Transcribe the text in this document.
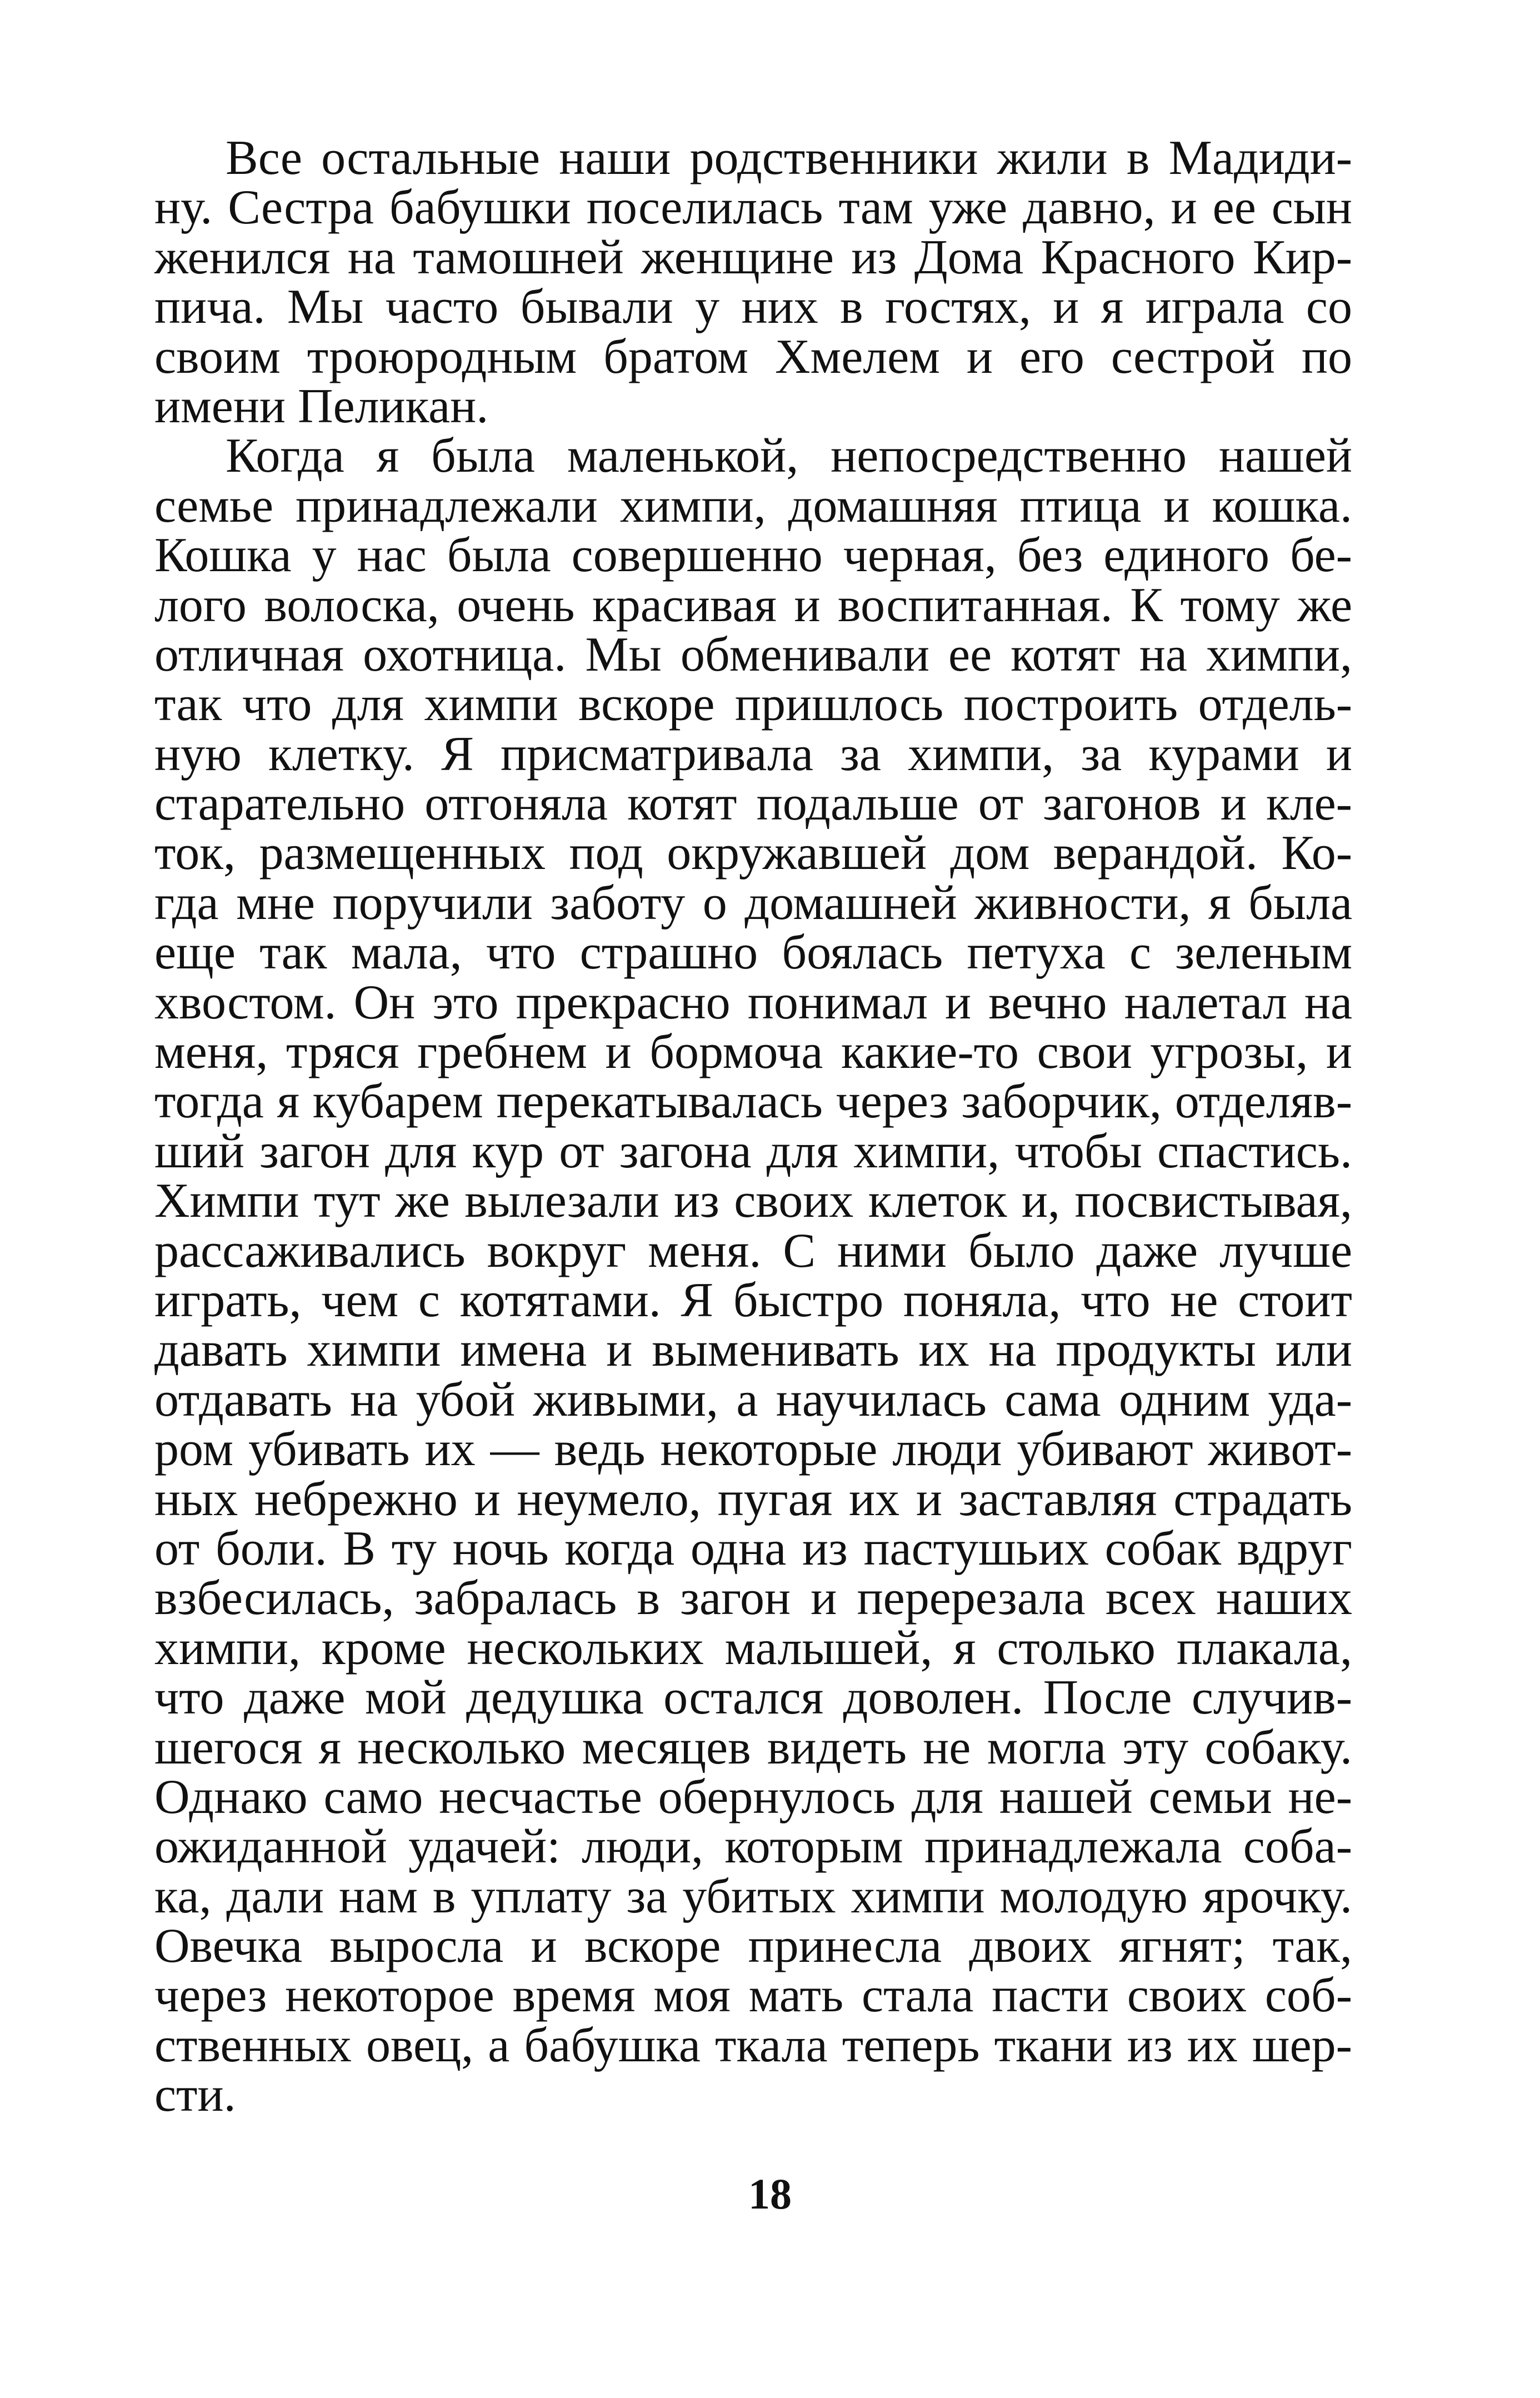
Все остальные наши родственники жили в Мадиди-
ну. Сестра бабушки поселилась там уже давно, и ее сын
женился на тамошней женщине из Дома Красного Кир-
пича. Мы часто бывали у них в гостях, и я играла со
своим троюродным братом Хмелем и его сестрой по
имени Пеликан.
Когда я была маленькой, непосредственно нашей
семье принадлежали химпи, домашняя птица и кошка.
Кошка у нас была совершенно черная, без единого бе-
лого волоска, очень красивая и воспитанная. К тому же
отличная охотница. Мы обменивали ее котят на химпи,
так что для химпи вскоре пришлось построить отдель-
ную клетку. Я присматривала за химпи, за курами и
старательно отгоняла котят подальше от загонов и кле-
ток, размещенных под окружавшей дом верандой. Ко-
гда мне поручили заботу о домашней живности, я была
еще так мала, что страшно боялась петуха с зеленым
хвостом. Он это прекрасно понимал и вечно налетал на
меня, тряся гребнем и бормоча какие-то свои угрозы, и
тогда я кубарем перекатывалась через заборчик, отделяв-
ший загон для кур от загона для химпи, чтобы спастись.
Химпи тут же вылезали из своих клеток и, посвистывая,
рассаживались вокруг меня. С ними было даже лучше
играть, чем с котятами. Я быстро поняла, что не стоит
давать химпи имена и выменивать их на продукты или
отдавать на убой живыми, а научилась сама одним уда-
ром убивать их — ведь некоторые люди убивают живот-
ных небрежно и неумело, пугая их и заставляя страдать
от боли. В ту ночь когда одна из пастушьих собак вдруг
взбесилась, забралась в загон и перерезала всех наших
химпи, кроме нескольких малышей, я столько плакала,
что даже мой дедушка остался доволен. После случив-
шегося я несколько месяцев видеть не могла эту собаку.
Однако само несчастье обернулось для нашей семьи не-
ожиданной удачей: люди, которым принадлежала соба-
ка, дали нам в уплату за убитых химпи молодую ярочку.
Овечка выросла и вскоре принесла двоих ягнят; так,
через некоторое время моя мать стала пасти своих соб-
ственных овец, а бабушка ткала теперь ткани из их шер-
сти.
18
